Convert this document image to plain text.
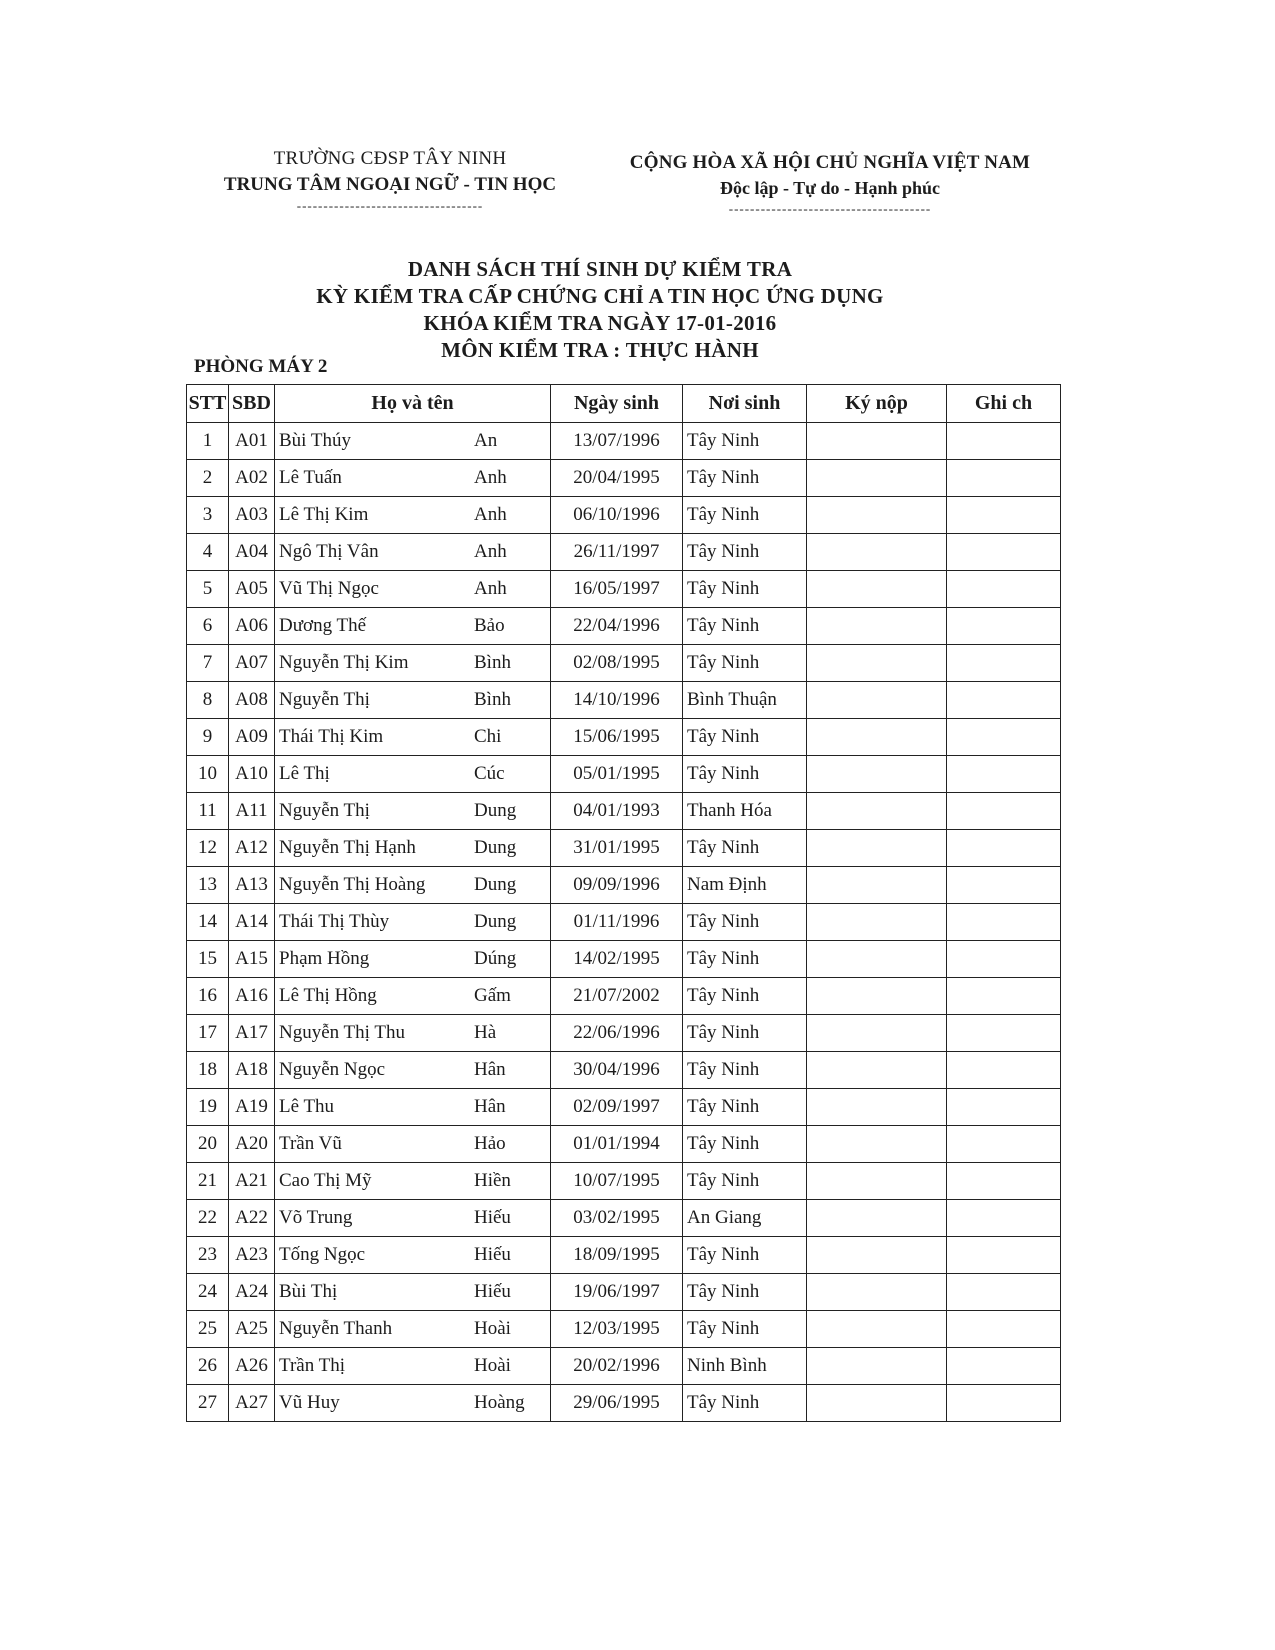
TRƯỜNG CĐSP TÂY NINH
TRUNG TÂM NGOẠI NGỮ - TIN HỌC
-----------------------------------
CỘNG HÒA XÃ HỘI CHỦ NGHĨA VIỆT NAM
Độc lập - Tự do - Hạnh phúc
--------------------------------------
DANH SÁCH THÍ SINH DỰ KIỂM TRA
KỲ KIỂM TRA CẤP CHỨNG CHỈ A TIN HỌC ỨNG DỤNG
KHÓA KIỂM TRA NGÀY 17-01-2016
MÔN KIỂM TRA : THỰC HÀNH
PHÒNG MÁY 2
STT	SBD	Họ và tên	Ngày sinh	Nơi sinh	Ký nộp	Ghi ch
1	A01	Bùi Thúy An	13/07/1996	Tây Ninh		
2	A02	Lê Tuấn Anh	20/04/1995	Tây Ninh		
3	A03	Lê Thị Kim Anh	06/10/1996	Tây Ninh		
4	A04	Ngô Thị Vân Anh	26/11/1997	Tây Ninh		
5	A05	Vũ Thị Ngọc Anh	16/05/1997	Tây Ninh		
6	A06	Dương Thế Bảo	22/04/1996	Tây Ninh		
7	A07	Nguyễn Thị Kim Bình	02/08/1995	Tây Ninh		
8	A08	Nguyễn Thị Bình	14/10/1996	Bình Thuận		
9	A09	Thái Thị Kim Chi	15/06/1995	Tây Ninh		
10	A10	Lê Thị Cúc	05/01/1995	Tây Ninh		
11	A11	Nguyễn Thị Dung	04/01/1993	Thanh Hóa		
12	A12	Nguyễn Thị Hạnh Dung	31/01/1995	Tây Ninh		
13	A13	Nguyễn Thị Hoàng Dung	09/09/1996	Nam Định		
14	A14	Thái Thị Thùy Dung	01/11/1996	Tây Ninh		
15	A15	Phạm Hồng Dúng	14/02/1995	Tây Ninh		
16	A16	Lê Thị Hồng Gấm	21/07/2002	Tây Ninh		
17	A17	Nguyễn Thị Thu Hà	22/06/1996	Tây Ninh		
18	A18	Nguyễn Ngọc Hân	30/04/1996	Tây Ninh		
19	A19	Lê Thu Hân	02/09/1997	Tây Ninh		
20	A20	Trần Vũ Hảo	01/01/1994	Tây Ninh		
21	A21	Cao Thị Mỹ Hiền	10/07/1995	Tây Ninh		
22	A22	Võ Trung Hiếu	03/02/1995	An Giang		
23	A23	Tống Ngọc Hiếu	18/09/1995	Tây Ninh		
24	A24	Bùi Thị Hiếu	19/06/1997	Tây Ninh		
25	A25	Nguyễn Thanh Hoài	12/03/1995	Tây Ninh		
26	A26	Trần Thị Hoài	20/02/1996	Ninh Bình		
27	A27	Vũ Huy Hoàng	29/06/1995	Tây Ninh		
